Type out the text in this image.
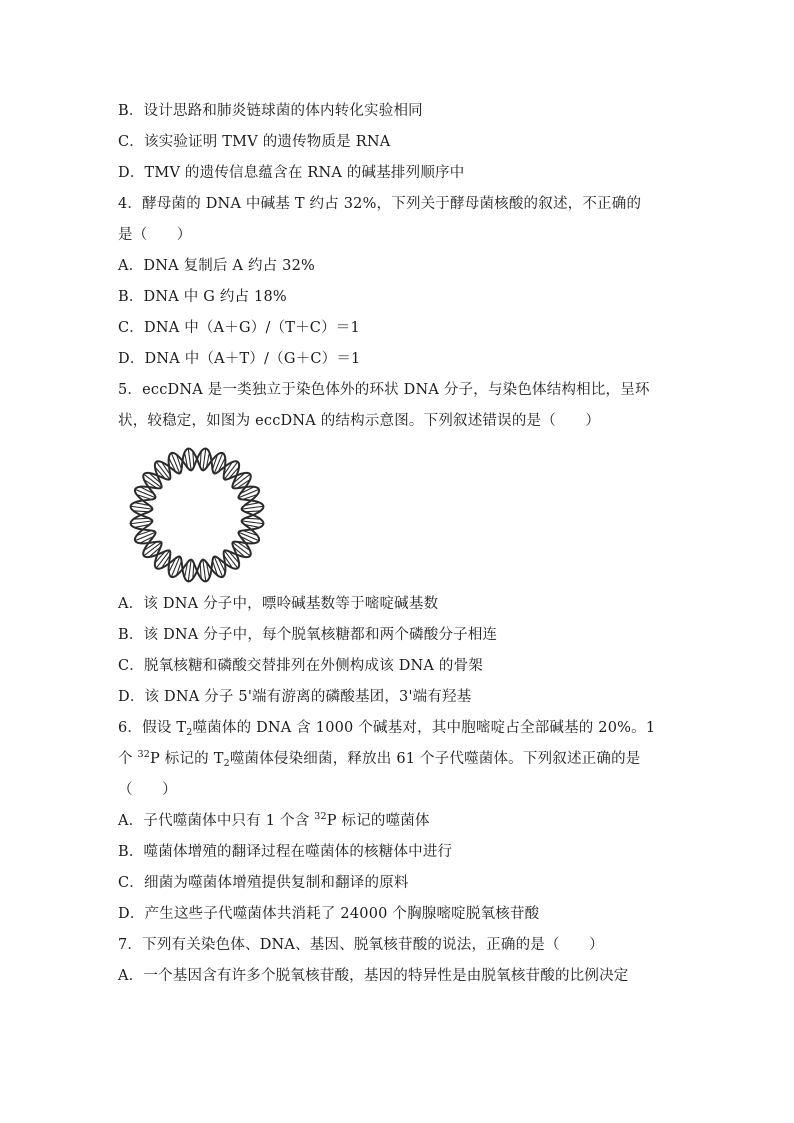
B．设计思路和肺炎链球菌的体内转化实验相同
C．该实验证明 TMV 的遗传物质是 RNA
D．TMV 的遗传信息蕴含在 RNA 的碱基排列顺序中
4．酵母菌的 DNA 中碱基 T 约占 32%，下列关于酵母菌核酸的叙述，不正确的
是（　　）
A．DNA 复制后 A 约占 32%
B．DNA 中 G 约占 18%
C．DNA 中（A＋G）/（T＋C）＝1
D．DNA 中（A＋T）/（G＋C）＝1
5．eccDNA 是一类独立于染色体外的环状 DNA 分子，与染色体结构相比，呈环
状，较稳定，如图为 eccDNA 的结构示意图。下列叙述错误的是（　　）
A．该 DNA 分子中，嘌呤碱基数等于嘧啶碱基数
B．该 DNA 分子中，每个脱氧核糖都和两个磷酸分子相连
C．脱氧核糖和磷酸交替排列在外侧构成该 DNA 的骨架
D．该 DNA 分子 5'端有游离的磷酸基团，3'端有羟基
6．假设 $T_2$噬菌体的 DNA 含 1000 个碱基对，其中胞嘧啶占全部碱基的 20%。1
个 $^{32}$P 标记的 $T_2$噬菌体侵染细菌，释放出 61 个子代噬菌体。下列叙述正确的是
（　　）
A．子代噬菌体中只有 1 个含 $^{32}$P 标记的噬菌体
B．噬菌体增殖的翻译过程在噬菌体的核糖体中进行
C．细菌为噬菌体增殖提供复制和翻译的原料
D．产生这些子代噬菌体共消耗了 24000 个胸腺嘧啶脱氧核苷酸
7．下列有关染色体、DNA、基因、脱氧核苷酸的说法，正确的是（　　）
A．一个基因含有许多个脱氧核苷酸，基因的特异性是由脱氧核苷酸的比例决定
